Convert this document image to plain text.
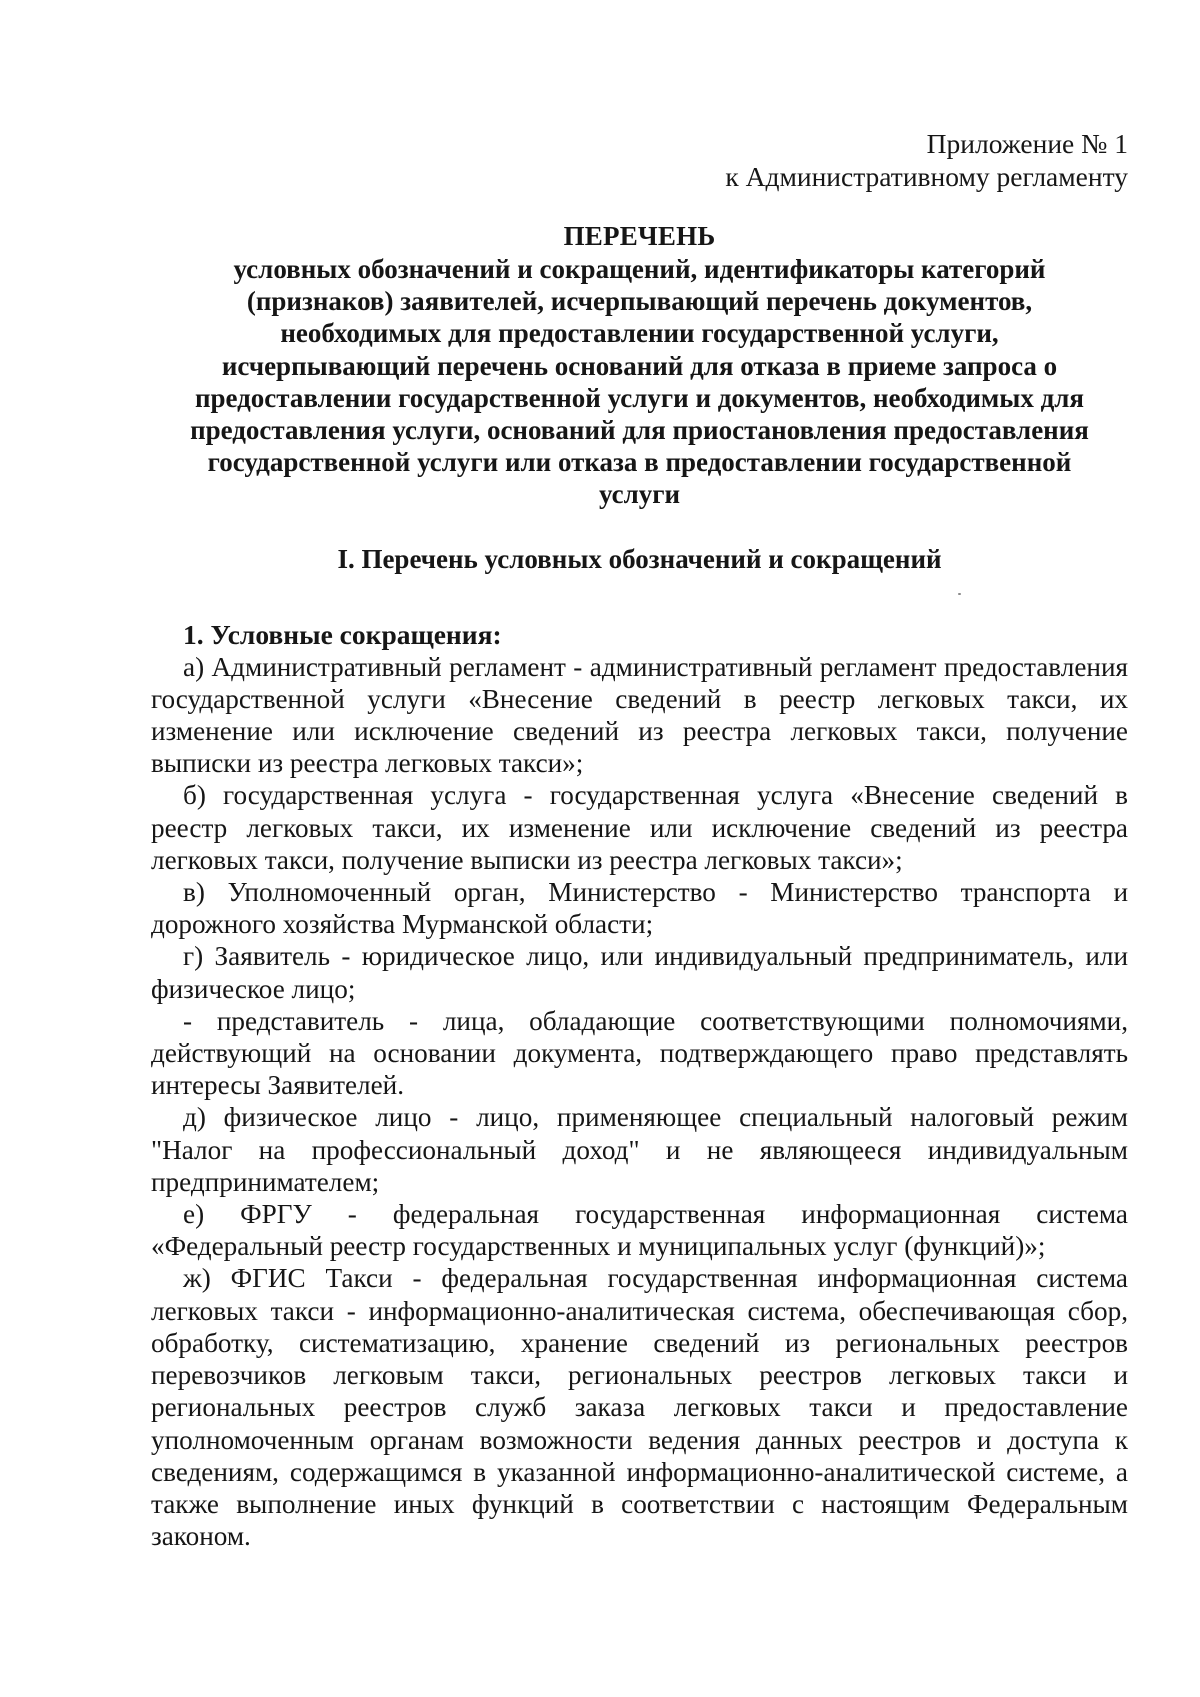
Приложение № 1
к Административному регламенту
ПЕРЕЧЕНЬ
условных обозначений и сокращений, идентификаторы категорий
(признаков) заявителей, исчерпывающий перечень документов,
необходимых для предоставлении государственной услуги,
исчерпывающий перечень оснований для отказа в приеме запроса о
предоставлении государственной услуги и документов, необходимых для
предоставления услуги, оснований для приостановления предоставления
государственной услуги или отказа в предоставлении государственной
услуги
I. Перечень условных обозначений и сокращений
1. Условные сокращения:

а) Административный регламент - административный регламент предоставления государственной услуги «Внесение сведений в реестр легковых такси, их изменение или исключение сведений из реестра легковых такси, получение выписки из реестра легковых такси»;

б) государственная услуга - государственная услуга «Внесение сведений в реестр легковых такси, их изменение или исключение сведений из реестра легковых такси, получение выписки из реестра легковых такси»;

в) Уполномоченный орган, Министерство - Министерство транспорта и дорожного хозяйства Мурманской области;

г) Заявитель - юридическое лицо, или индивидуальный предприниматель, или физическое лицо;

- представитель - лица, обладающие соответствующими полномочиями, действующий на основании документа, подтверждающего право представлять интересы Заявителей.

д) физическое лицо - лицо, применяющее специальный налоговый режим "Налог на профессиональный доход" и не являющееся индивидуальным предпринимателем;

е) ФРГУ - федеральная государственная информационная система «Федеральный реестр государственных и муниципальных услуг (функций)»;

ж) ФГИС Такси - федеральная государственная информационная система легковых такси - информационно-аналитическая система, обеспечивающая сбор, обработку, систематизацию, хранение сведений из региональных реестров перевозчиков легковым такси, региональных реестров легковых такси и региональных реестров служб заказа легковых такси и предоставление уполномоченным органам возможности ведения данных реестров и доступа к сведениям, содержащимся в указанной информационно-аналитической системе, а также выполнение иных функций в соответствии с настоящим Федеральным законом.
